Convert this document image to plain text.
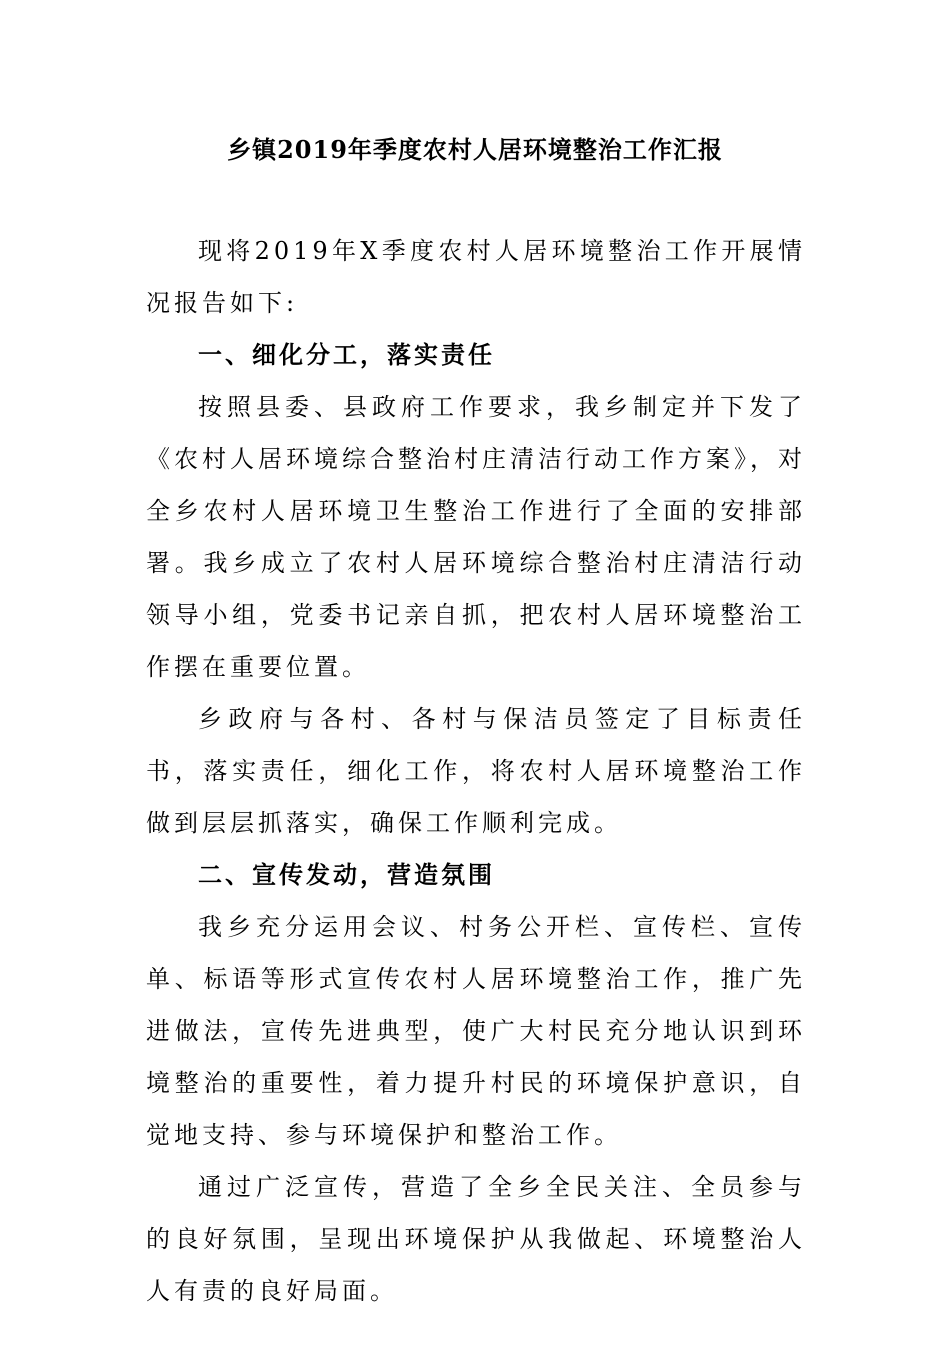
乡镇2019年季度农村人居环境整治工作汇报

现将2019年X季度农村人居环境整治工作开展情况报告如下:

一、细化分工，落实责任

按照县委、县政府工作要求，我乡制定并下发了《农村人居环境综合整治村庄清洁行动工作方案》，对全乡农村人居环境卫生整治工作进行了全面的安排部署。我乡成立了农村人居环境综合整治村庄清洁行动领导小组，党委书记亲自抓，把农村人居环境整治工作摆在重要位置。

乡政府与各村、各村与保洁员签定了目标责任书，落实责任，细化工作，将农村人居环境整治工作做到层层抓落实，确保工作顺利完成。

二、宣传发动，营造氛围

我乡充分运用会议、村务公开栏、宣传栏、宣传单、标语等形式宣传农村人居环境整治工作，推广先进做法，宣传先进典型，使广大村民充分地认识到环境整治的重要性，着力提升村民的环境保护意识，自觉地支持、参与环境保护和整治工作。

通过广泛宣传，营造了全乡全民关注、全员参与的良好氛围，呈现出环境保护从我做起、环境整治人人有责的良好局面。
